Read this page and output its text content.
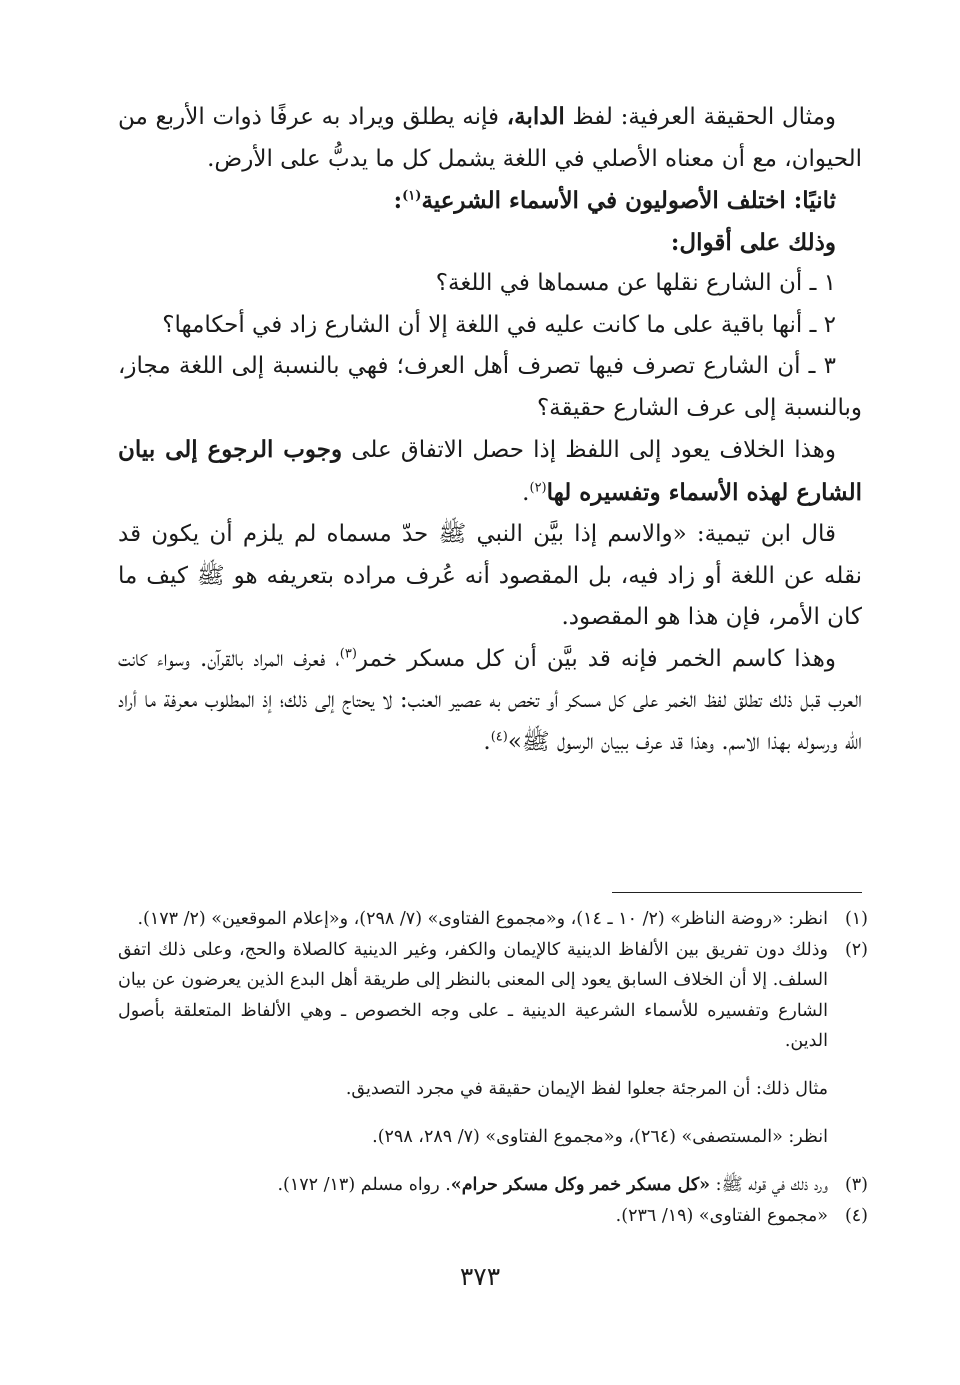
ومثال الحقيقة العرفية: لفظ الدابة، فإنه يطلق ويراد به عرفًا ذوات الأربع من الحيوان، مع أن معناه الأصلي في اللغة يشمل كل ما يدبُّ على الأرض.

ثانيًا: اختلف الأصوليون في الأسماء الشرعية$^{(١)}$:

وذلك على أقوال:

١ ـ أن الشارع نقلها عن مسماها في اللغة؟

٢ ـ أنها باقية على ما كانت عليه في اللغة إلا أن الشارع زاد في أحكامها؟

٣ ـ أن الشارع تصرف فيها تصرف أهل العرف؛ فهي بالنسبة إلى اللغة مجاز، وبالنسبة إلى عرف الشارع حقيقة؟

وهذا الخلاف يعود إلى اللفظ إذا حصل الاتفاق على وجوب الرجوع إلى بيان الشارع لهذه الأسماء وتفسيره لها$^{(٢)}$.

قال ابن تيمية: «والاسم إذا بيَّن النبي ﷺ حدّ مسماه لم يلزم أن يكون قد نقله عن اللغة أو زاد فيه، بل المقصود أنه عُرف مراده بتعريفه هو ﷺ كيف ما كان الأمر، فإن هذا هو المقصود.

وهذا كاسم الخمر فإنه قد بيَّن أن كل مسكر خمر$^{(٣)}$، فعرف المراد بالقرآن. وسواء كانت العرب قبل ذلك تطلق لفظ الخمر على كل مسكر أو تخص به عصير العنب: لا يحتاج إلى ذلك؛ إذ المطلوب معرفة ما أراد الله ورسوله بهذا الاسم. وهذا قد عرف ببيان الرسول ﷺ»$^{(٤)}$.

(١)

انظر: «روضة الناظر» (٢/ ١٠ ـ ١٤)، و«مجموع الفتاوى» (٧/ ٢٩٨)، و«إعلام الموقعين» (٢/ ١٧٣).

(٢)

وذلك دون تفريق بين الألفاظ الدينية كالإيمان والكفر، وغير الدينية كالصلاة والحج، وعلى ذلك اتفق السلف. إلا أن الخلاف السابق يعود إلى المعنى بالنظر إلى طريقة أهل البدع الذين يعرضون عن بيان الشارع وتفسيره للأسماء الشرعية الدينية ـ على وجه الخصوص ـ وهي الألفاظ المتعلقة بأصول الدين.

مثال ذلك: أن المرجئة جعلوا لفظ الإيمان حقيقة في مجرد التصديق.

انظر: «المستصفى» (٢٦٤)، و«مجموع الفتاوى» (٧/ ٢٨٩، ٢٩٨).

(٣)

ورد ذلك في قوله ﷺ: «كل مسكر خمر وكل مسكر حرام». رواه مسلم (١٣/ ١٧٢).

(٤)

«مجموع الفتاوى» (١٩/ ٢٣٦).

٣٧٣
